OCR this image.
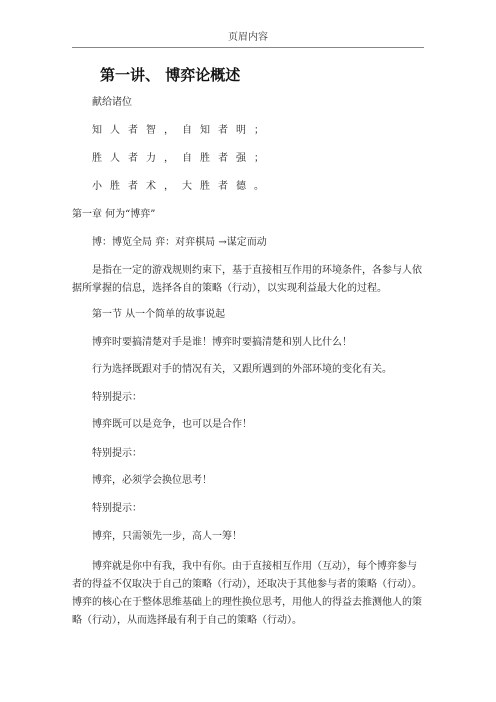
页眉内容
第一讲、 博弈论概述
献给诸位
知人者智，自知者明；
胜人者力，自胜者强；
小胜者术，大胜者德。
第一章 何为“博弈”
博：博览全局 弈：对弈棋局 →谋定而动
是指在一定的游戏规则约束下，基于直接相互作用的环境条件，各参与人依据所掌握的信息，选择各自的策略（行动），以实现利益最大化的过程。
第一节 从一个简单的故事说起
博弈时要搞清楚对手是谁！博弈时要搞清楚和别人比什么！
行为选择既跟对手的情况有关，又跟所遇到的外部环境的变化有关。
特别提示：
博弈既可以是竞争，也可以是合作！
特别提示：
博弈，必须学会换位思考！
特别提示：
博弈，只需领先一步，高人一筹！
博弈就是你中有我，我中有你。由于直接相互作用（互动），每个博弈参与者的得益不仅取决于自己的策略（行动），还取决于其他参与者的策略（行动）。博弈的核心在于整体思维基础上的理性换位思考，用他人的得益去推测他人的策略（行动），从而选择最有利于自己的策略（行动）。
